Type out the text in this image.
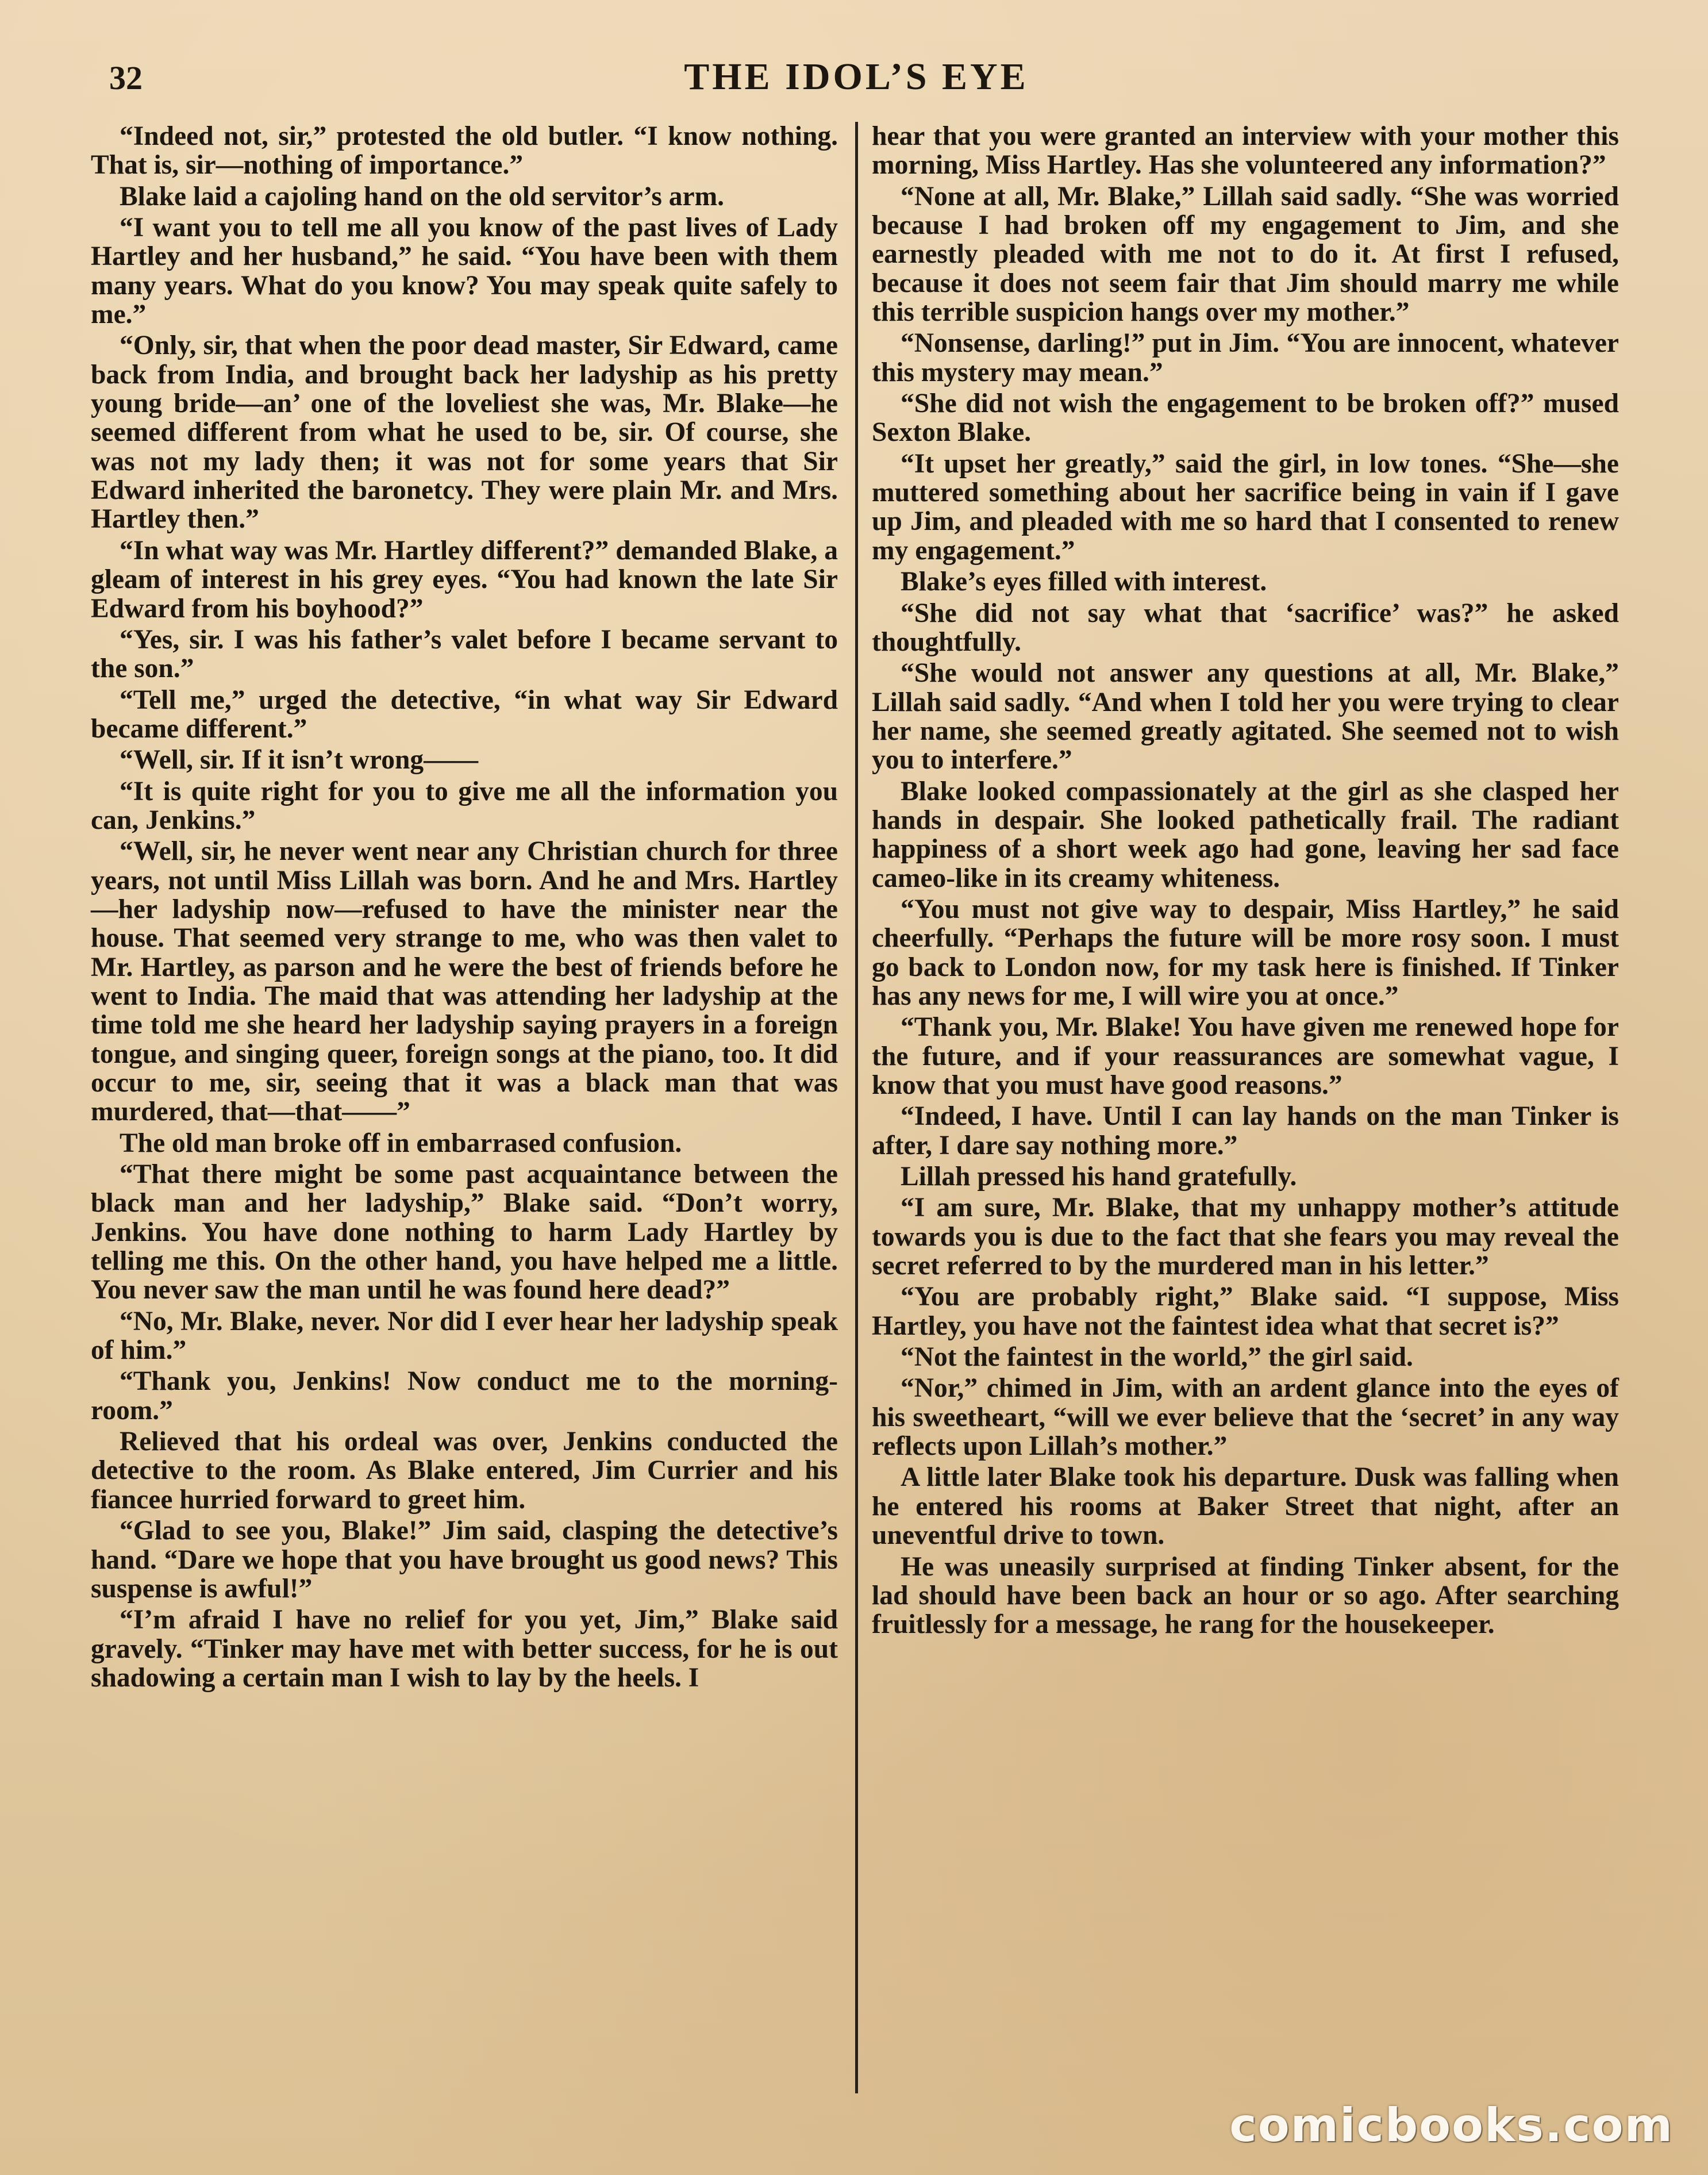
32	THE IDOL’S EYE

“Indeed not, sir,” protested the old butler. “I know nothing. That is, sir—nothing of importance.”

Blake laid a cajoling hand on the old servitor’s arm.

“I want you to tell me all you know of the past lives of Lady Hartley and her husband,” he said. “You have been with them many years. What do you know? You may speak quite safely to me.”

“Only, sir, that when the poor dead master, Sir Edward, came back from India, and brought back her ladyship as his pretty young bride—an’ one of the loveliest she was, Mr. Blake—he seemed different from what he used to be, sir. Of course, she was not my lady then; it was not for some years that Sir Edward inherited the baronetcy. They were plain Mr. and Mrs. Hartley then.”

“In what way was Mr. Hartley different?” demanded Blake, a gleam of interest in his grey eyes. “You had known the late Sir Edward from his boyhood?”

“Yes, sir. I was his father’s valet before I became servant to the son.”

“Tell me,” urged the detective, “in what way Sir Edward became different.”

“Well, sir. If it isn’t wrong——

“It is quite right for you to give me all the information you can, Jenkins.”

“Well, sir, he never went near any Christian church for three years, not until Miss Lillah was born. And he and Mrs. Hartley—her ladyship now—refused to have the minister near the house. That seemed very strange to me, who was then valet to Mr. Hartley, as parson and he were the best of friends before he went to India. The maid that was attending her ladyship at the time told me she heard her ladyship saying prayers in a foreign tongue, and singing queer, foreign songs at the piano, too. It did occur to me, sir, seeing that it was a black man that was murdered, that—that——”

The old man broke off in embarrased confusion.

“That there might be some past acquaintance between the black man and her ladyship,” Blake said. “Don’t worry, Jenkins. You have done nothing to harm Lady Hartley by telling me this. On the other hand, you have helped me a little. You never saw the man until he was found here dead?”

“No, Mr. Blake, never. Nor did I ever hear her ladyship speak of him.”

“Thank you, Jenkins! Now conduct me to the morning-room.”

Relieved that his ordeal was over, Jenkins conducted the detective to the room. As Blake entered, Jim Currier and his fiancee hurried forward to greet him.

“Glad to see you, Blake!” Jim said, clasping the detective’s hand. “Dare we hope that you have brought us good news? This suspense is awful!”

“I’m afraid I have no relief for you yet, Jim,” Blake said gravely. “Tinker may have met with better success, for he is out shadowing a certain man I wish to lay by the heels. I

hear that you were granted an interview with your mother this morning, Miss Hartley. Has she volunteered any information?”

“None at all, Mr. Blake,” Lillah said sadly. “She was worried because I had broken off my engagement to Jim, and she earnestly pleaded with me not to do it. At first I refused, because it does not seem fair that Jim should marry me while this terrible suspicion hangs over my mother.”

“Nonsense, darling!” put in Jim. “You are innocent, whatever this mystery may mean.”

“She did not wish the engagement to be broken off?” mused Sexton Blake.

“It upset her greatly,” said the girl, in low tones. “She—she muttered something about her sacrifice being in vain if I gave up Jim, and pleaded with me so hard that I consented to renew my engagement.”

Blake’s eyes filled with interest.

“She did not say what that ‘sacrifice’ was?” he asked thoughtfully.

“She would not answer any questions at all, Mr. Blake,” Lillah said sadly. “And when I told her you were trying to clear her name, she seemed greatly agitated. She seemed not to wish you to interfere.”

Blake looked compassionately at the girl as she clasped her hands in despair. She looked pathetically frail. The radiant happiness of a short week ago had gone, leaving her sad face cameo-like in its creamy whiteness.

“You must not give way to despair, Miss Hartley,” he said cheerfully. “Perhaps the future will be more rosy soon. I must go back to London now, for my task here is finished. If Tinker has any news for me, I will wire you at once.”

“Thank you, Mr. Blake! You have given me renewed hope for the future, and if your reassurances are somewhat vague, I know that you must have good reasons.”

“Indeed, I have. Until I can lay hands on the man Tinker is after, I dare say nothing more.”

Lillah pressed his hand gratefully.

“I am sure, Mr. Blake, that my unhappy mother’s attitude towards you is due to the fact that she fears you may reveal the secret referred to by the murdered man in his letter.”

“You are probably right,” Blake said. “I suppose, Miss Hartley, you have not the faintest idea what that secret is?”

“Not the faintest in the world,” the girl said.

“Nor,” chimed in Jim, with an ardent glance into the eyes of his sweetheart, “will we ever believe that the ‘secret’ in any way reflects upon Lillah’s mother.”

A little later Blake took his departure. Dusk was falling when he entered his rooms at Baker Street that night, after an uneventful drive to town.

He was uneasily surprised at finding Tinker absent, for the lad should have been back an hour or so ago. After searching fruitlessly for a message, he rang for the housekeeper.

comicbooks.com
